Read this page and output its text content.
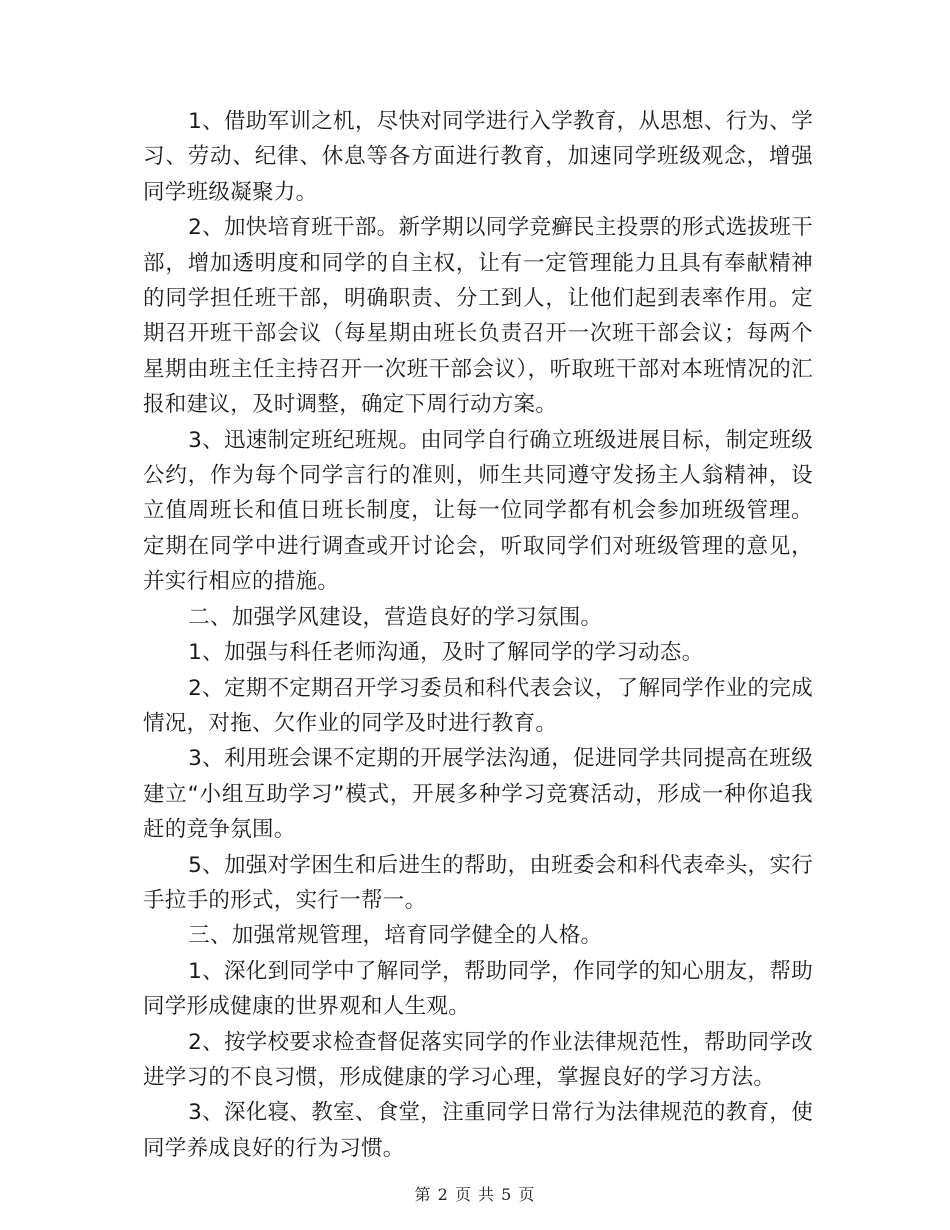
1、借助军训之机，尽快对同学进行入学教育，从思想、行为、学习、劳动、纪律、休息等各方面进行教育，加速同学班级观念，增强同学班级凝聚力。

2、加快培育班干部。新学期以同学竞癣民主投票的形式选拔班干部，增加透明度和同学的自主权，让有一定管理能力且具有奉献精神的同学担任班干部，明确职责、分工到人，让他们起到表率作用。定期召开班干部会议（每星期由班长负责召开一次班干部会议；每两个星期由班主任主持召开一次班干部会议），听取班干部对本班情况的汇报和建议，及时调整，确定下周行动方案。

3、迅速制定班纪班规。由同学自行确立班级进展目标，制定班级公约，作为每个同学言行的准则，师生共同遵守发扬主人翁精神，设立值周班长和值日班长制度，让每一位同学都有机会参加班级管理。定期在同学中进行调查或开讨论会，听取同学们对班级管理的意见，并实行相应的措施。

二、加强学风建设，营造良好的学习氛围。

1、加强与科任老师沟通，及时了解同学的学习动态。

2、定期不定期召开学习委员和科代表会议，了解同学作业的完成情况，对拖、欠作业的同学及时进行教育。

3、利用班会课不定期的开展学法沟通，促进同学共同提高在班级建立“小组互助学习”模式，开展多种学习竞赛活动，形成一种你追我赶的竞争氛围。

5、加强对学困生和后进生的帮助，由班委会和科代表牵头，实行手拉手的形式，实行一帮一。

三、加强常规管理，培育同学健全的人格。

1、深化到同学中了解同学，帮助同学，作同学的知心朋友，帮助同学形成健康的世界观和人生观。

2、按学校要求检查督促落实同学的作业法律规范性，帮助同学改进学习的不良习惯，形成健康的学习心理，掌握良好的学习方法。

3、深化寝、教室、食堂，注重同学日常行为法律规范的教育，使同学养成良好的行为习惯。

第 2 页 共 5 页
